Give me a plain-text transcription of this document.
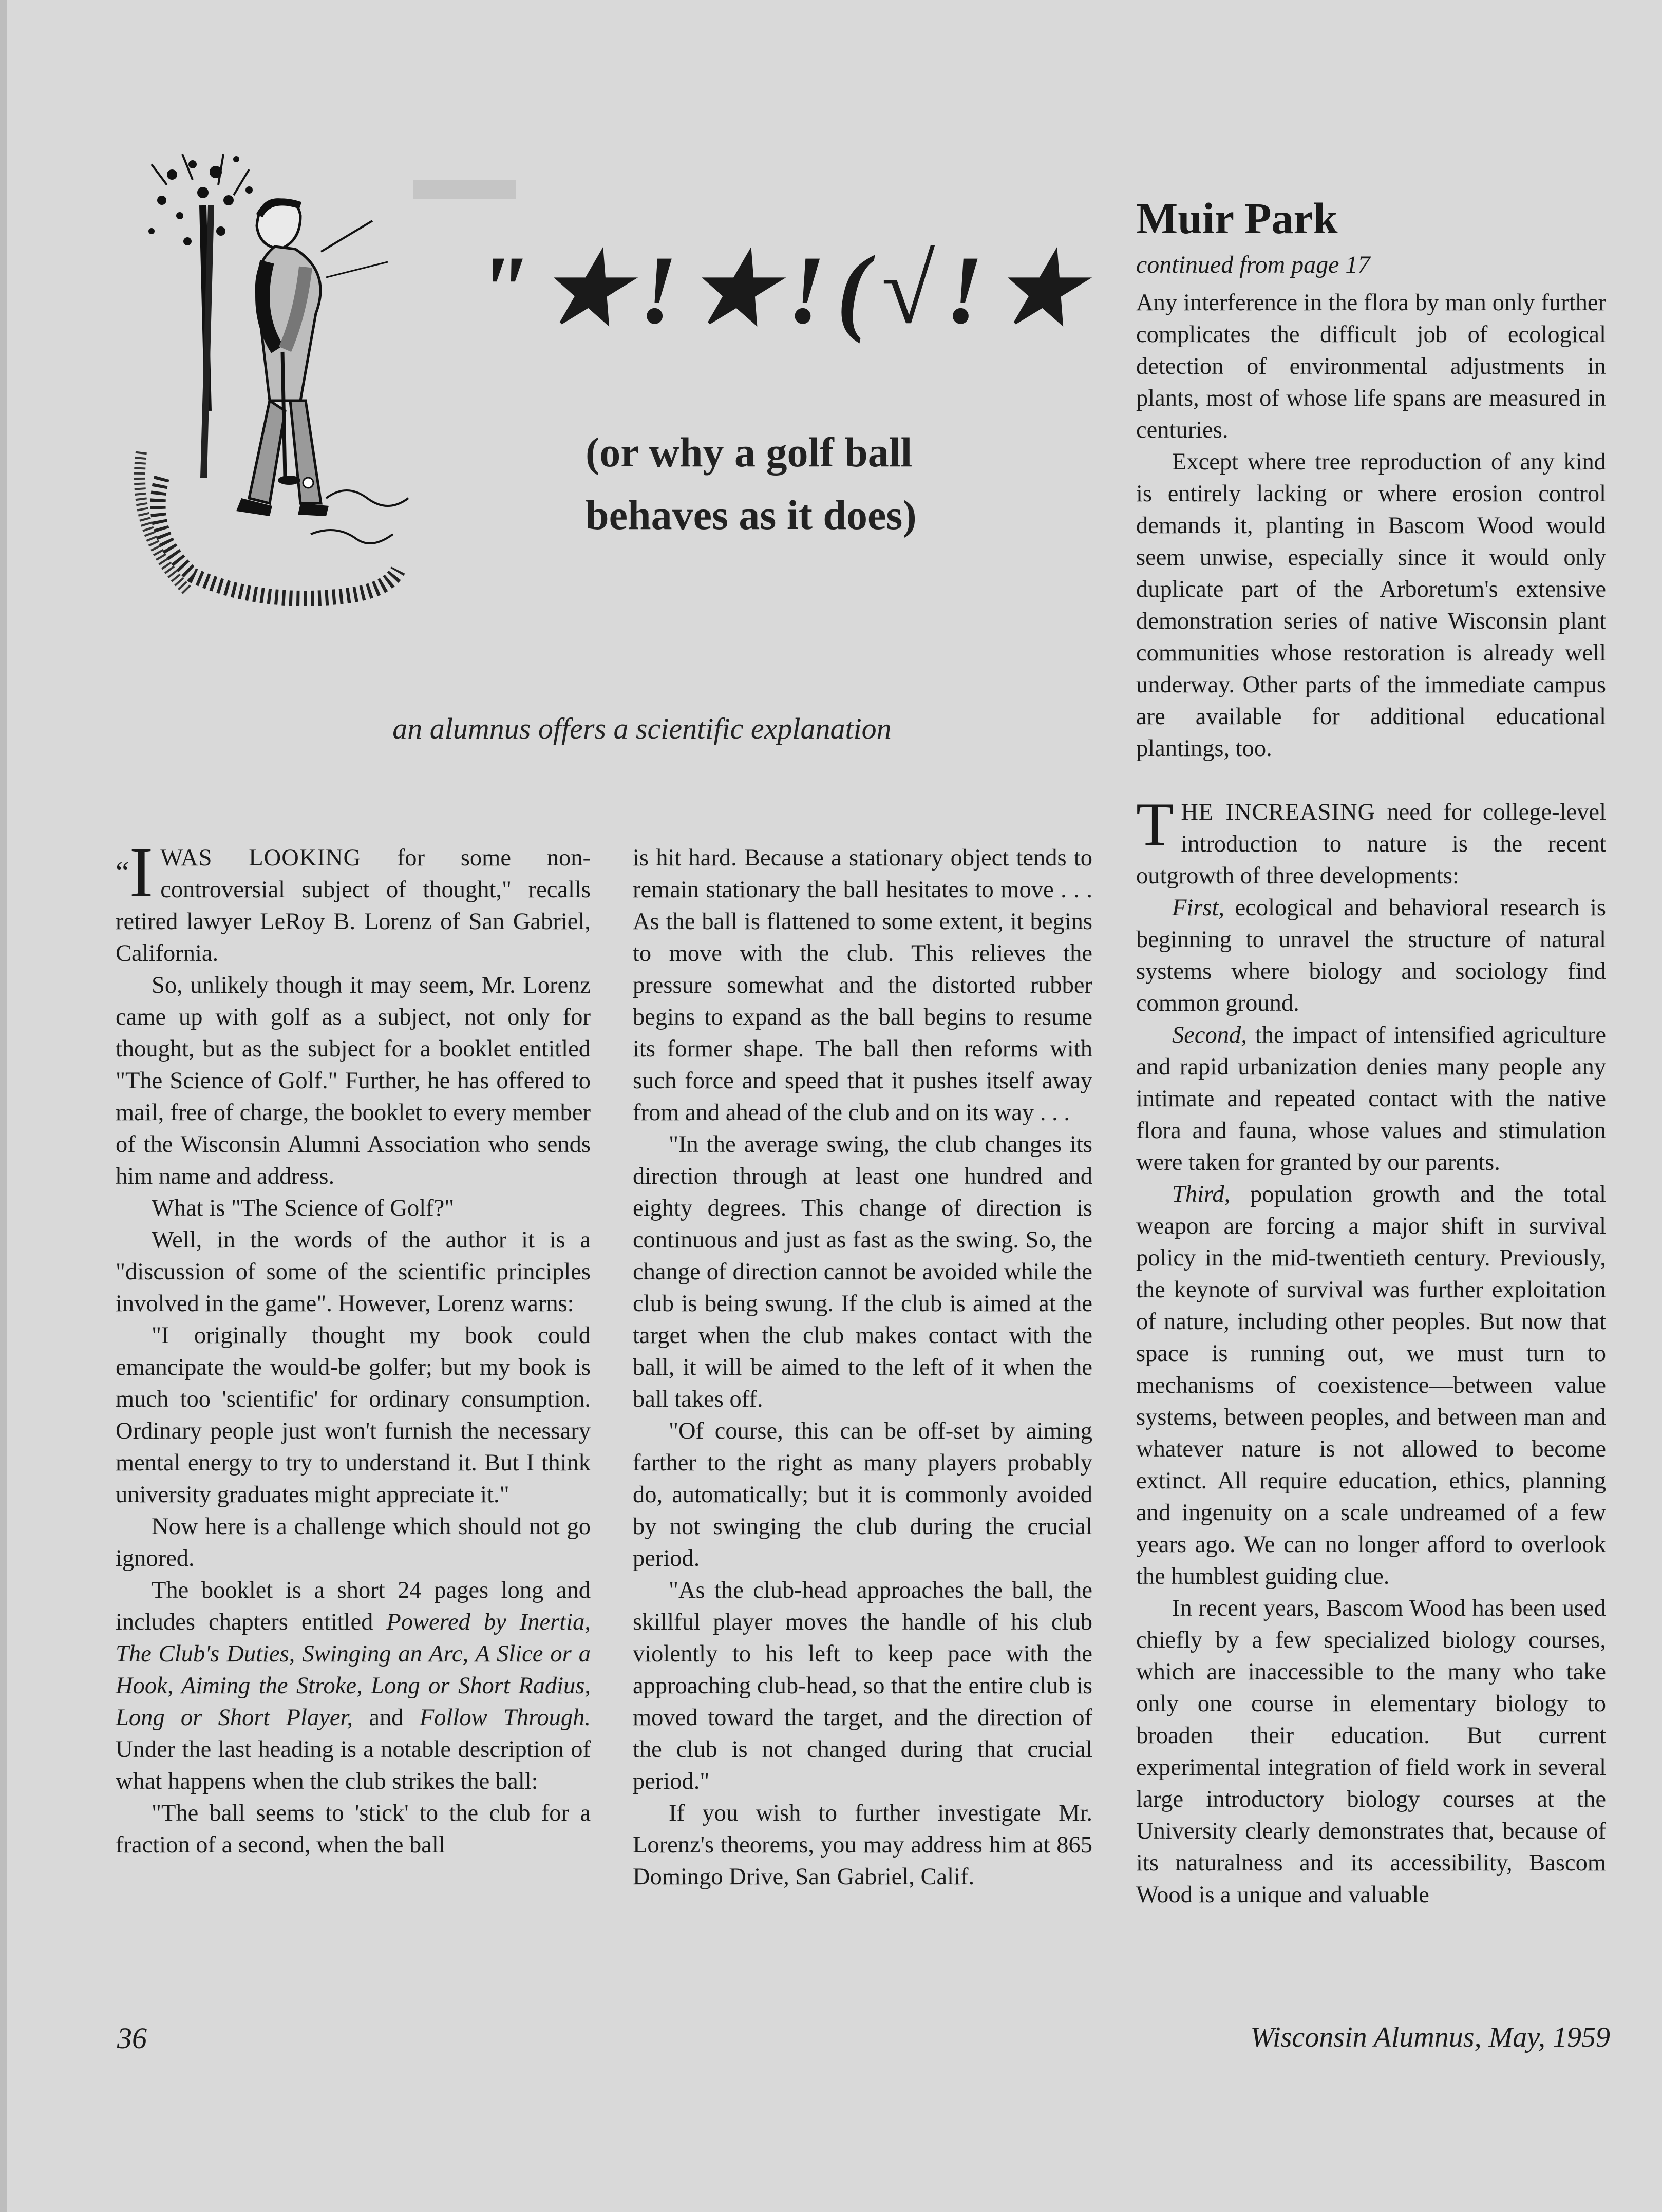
"★!★!(√!★
(or why a golf ball

behaves as it does)
an alumnus offers a scientific explanation

“I WAS LOOKING for some non-controversial subject of thought," recalls retired lawyer LeRoy B. Lorenz of San Gabriel, California.

So, unlikely though it may seem, Mr. Lorenz came up with golf as a subject, not only for thought, but as the subject for a booklet entitled "The Science of Golf." Further, he has offered to mail, free of charge, the booklet to every member of the Wisconsin Alumni Association who sends him name and address.

What is "The Science of Golf?"

Well, in the words of the author it is a "discussion of some of the scientific principles involved in the game". However, Lorenz warns:

"I originally thought my book could emancipate the would-be golfer; but my book is much too 'scientific' for ordinary consumption. Ordinary people just won't furnish the necessary mental energy to try to understand it. But I think university graduates might appreciate it."

Now here is a challenge which should not go ignored.

The booklet is a short 24 pages long and includes chapters entitled Powered by Inertia, The Club's Duties, Swinging an Arc, A Slice or a Hook, Aiming the Stroke, Long or Short Radius, Long or Short Player, and Follow Through. Under the last heading is a notable description of what happens when the club strikes the ball:

"The ball seems to 'stick' to the club for a fraction of a second, when the ball

is hit hard. Because a stationary object tends to remain stationary the ball hesitates to move . . . As the ball is flattened to some extent, it begins to move with the club. This relieves the pressure somewhat and the distorted rubber begins to expand as the ball begins to resume its former shape. The ball then reforms with such force and speed that it pushes itself away from and ahead of the club and on its way . . .

"In the average swing, the club changes its direction through at least one hundred and eighty degrees. This change of direction is continuous and just as fast as the swing. So, the change of direction cannot be avoided while the club is being swung. If the club is aimed at the target when the club makes contact with the ball, it will be aimed to the left of it when the ball takes off.

"Of course, this can be off-set by aiming farther to the right as many players probably do, automatically; but it is commonly avoided by not swinging the club during the crucial period.

"As the club-head approaches the ball, the skillful player moves the handle of his club violently to his left to keep pace with the approaching club-head, so that the entire club is moved toward the target, and the direction of the club is not changed during that crucial period."

If you wish to further investigate Mr. Lorenz's theorems, you may address him at 865 Domingo Drive, San Gabriel, Calif.

Muir Park
continued from page 17

Any interference in the flora by man only further complicates the difficult job of ecological detection of environmental adjustments in plants, most of whose life spans are measured in centuries.

Except where tree reproduction of any kind is entirely lacking or where erosion control demands it, planting in Bascom Wood would seem unwise, especially since it would only duplicate part of the Arboretum's extensive demonstration series of native Wisconsin plant communities whose restoration is already well underway. Other parts of the immediate campus are available for additional educational plantings, too.

THE INCREASING need for college-level introduction to nature is the recent outgrowth of three developments:

First, ecological and behavioral research is beginning to unravel the structure of natural systems where biology and sociology find common ground.

Second, the impact of intensified agriculture and rapid urbanization denies many people any intimate and repeated contact with the native flora and fauna, whose values and stimulation were taken for granted by our parents.

Third, population growth and the total weapon are forcing a major shift in survival policy in the mid-twentieth century. Previously, the keynote of survival was further exploitation of nature, including other peoples. But now that space is running out, we must turn to mechanisms of coexistence—between value systems, between peoples, and between man and whatever nature is not allowed to become extinct. All require education, ethics, planning and ingenuity on a scale undreamed of a few years ago. We can no longer afford to overlook the humblest guiding clue.

In recent years, Bascom Wood has been used chiefly by a few specialized biology courses, which are inaccessible to the many who take only one course in elementary biology to broaden their education. But current experimental integration of field work in several large introductory biology courses at the University clearly demonstrates that, because of its naturalness and its accessibility, Bascom Wood is a unique and valuable

36	Wisconsin Alumnus, May, 1959
